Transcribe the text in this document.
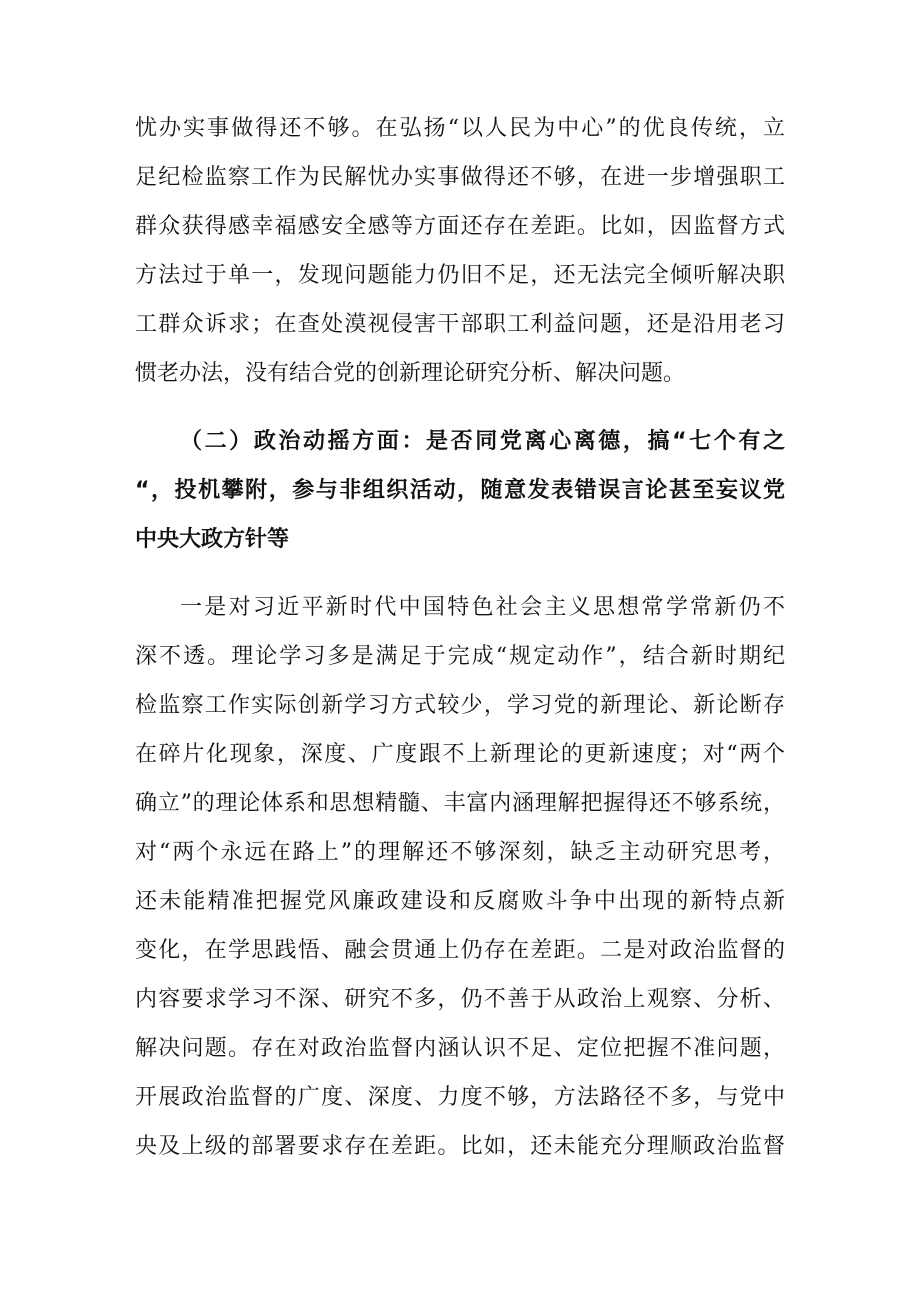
忧办实事做得还不够。在弘扬“以人民为中心”的优良传统，立
足纪检监察工作为民解忧办实事做得还不够，在进一步增强职工
群众获得感幸福感安全感等方面还存在差距。比如，因监督方式
方法过于单一，发现问题能力仍旧不足，还无法完全倾听解决职
工群众诉求；在查处漠视侵害干部职工利益问题，还是沿用老习
惯老办法，没有结合党的创新理论研究分析、解决问题。
（二）政治动摇方面：是否同党离心离德，搞“七个有之
“，投机攀附，参与非组织活动，随意发表错误言论甚至妄议党
中央大政方针等
一是对习近平新时代中国特色社会主义思想常学常新仍不
深不透。理论学习多是满足于完成“规定动作”，结合新时期纪
检监察工作实际创新学习方式较少，学习党的新理论、新论断存
在碎片化现象，深度、广度跟不上新理论的更新速度；对“两个
确立”的理论体系和思想精髓、丰富内涵理解把握得还不够系统，
对“两个永远在路上”的理解还不够深刻，缺乏主动研究思考，
还未能精准把握党风廉政建设和反腐败斗争中出现的新特点新
变化，在学思践悟、融会贯通上仍存在差距。二是对政治监督的
内容要求学习不深、研究不多，仍不善于从政治上观察、分析、
解决问题。存在对政治监督内涵认识不足、定位把握不准问题，
开展政治监督的广度、深度、力度不够，方法路径不多，与党中
央及上级的部署要求存在差距。比如，还未能充分理顺政治监督
